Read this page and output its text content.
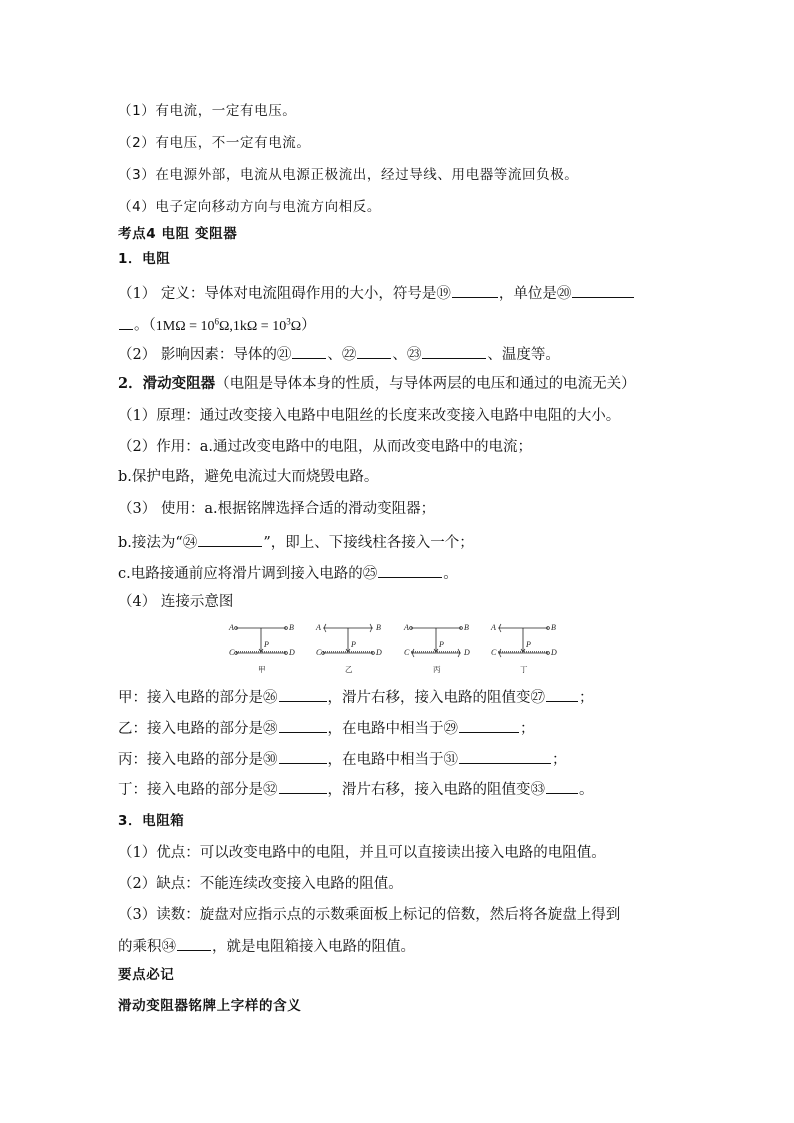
（1）有电流，一定有电压。
（2）有电压，不一定有电流。
（3）在电源外部，电流从电源正极流出，经过导线、用电器等流回负极。
（4）电子定向移动方向与电流方向相反。
考点4 电阻 变阻器
1．电阻
（1） 定义：导体对电流阻碍作用的大小，符号是⑲	，单位是⑳
。$(1M\Omega = 10^6\Omega,1k\Omega = 10^3\Omega)$
（2） 影响因素：导体的㉑ 、㉒ 、㉓	、温度等。
2．滑动变阻器（电阻是导体本身的性质，与导体两层的电压和通过的电流无关）
（1）原理：通过改变接入电路中电阻丝的长度来改变接入电路中电阻的大小。
（2）作用：a.通过改变电路中的电阻，从而改变电路中的电流；
b.保护电路，避免电流过大而烧毁电路。
（3） 使用：a.根据铭牌选择合适的滑动变阻器；
b.接法为“㉔	”，即上、下接线柱各接入一个；
c.电路接通前应将滑片调到接入电路的㉕	。
（4） 连接示意图
A	B
C	D
P
甲
A	B
C	D
P
乙
A	B
C	D
P
丙
A	B
C	D
P
丁
甲：接入电路的部分是㉖	，滑片右移，接入电路的阻值变㉗ ；
乙：接入电路的部分是㉘	，在电路中相当于㉙	；
丙：接入电路的部分是㉚	，在电路中相当于㉛	；
丁：接入电路的部分是㉜	，滑片右移，接入电路的阻值变㉝ 。
3．电阻箱
（1）优点：可以改变电路中的电阻，并且可以直接读出接入电路的电阻值。
（2）缺点：不能连续改变接入电路的阻值。
（3）读数：旋盘对应指示点的示数乘面板上标记的倍数，然后将各旋盘上得到
的乘积㉞ ，就是电阻箱接入电路的阻值。
要点必记
滑动变阻器铭牌上字样的含义
